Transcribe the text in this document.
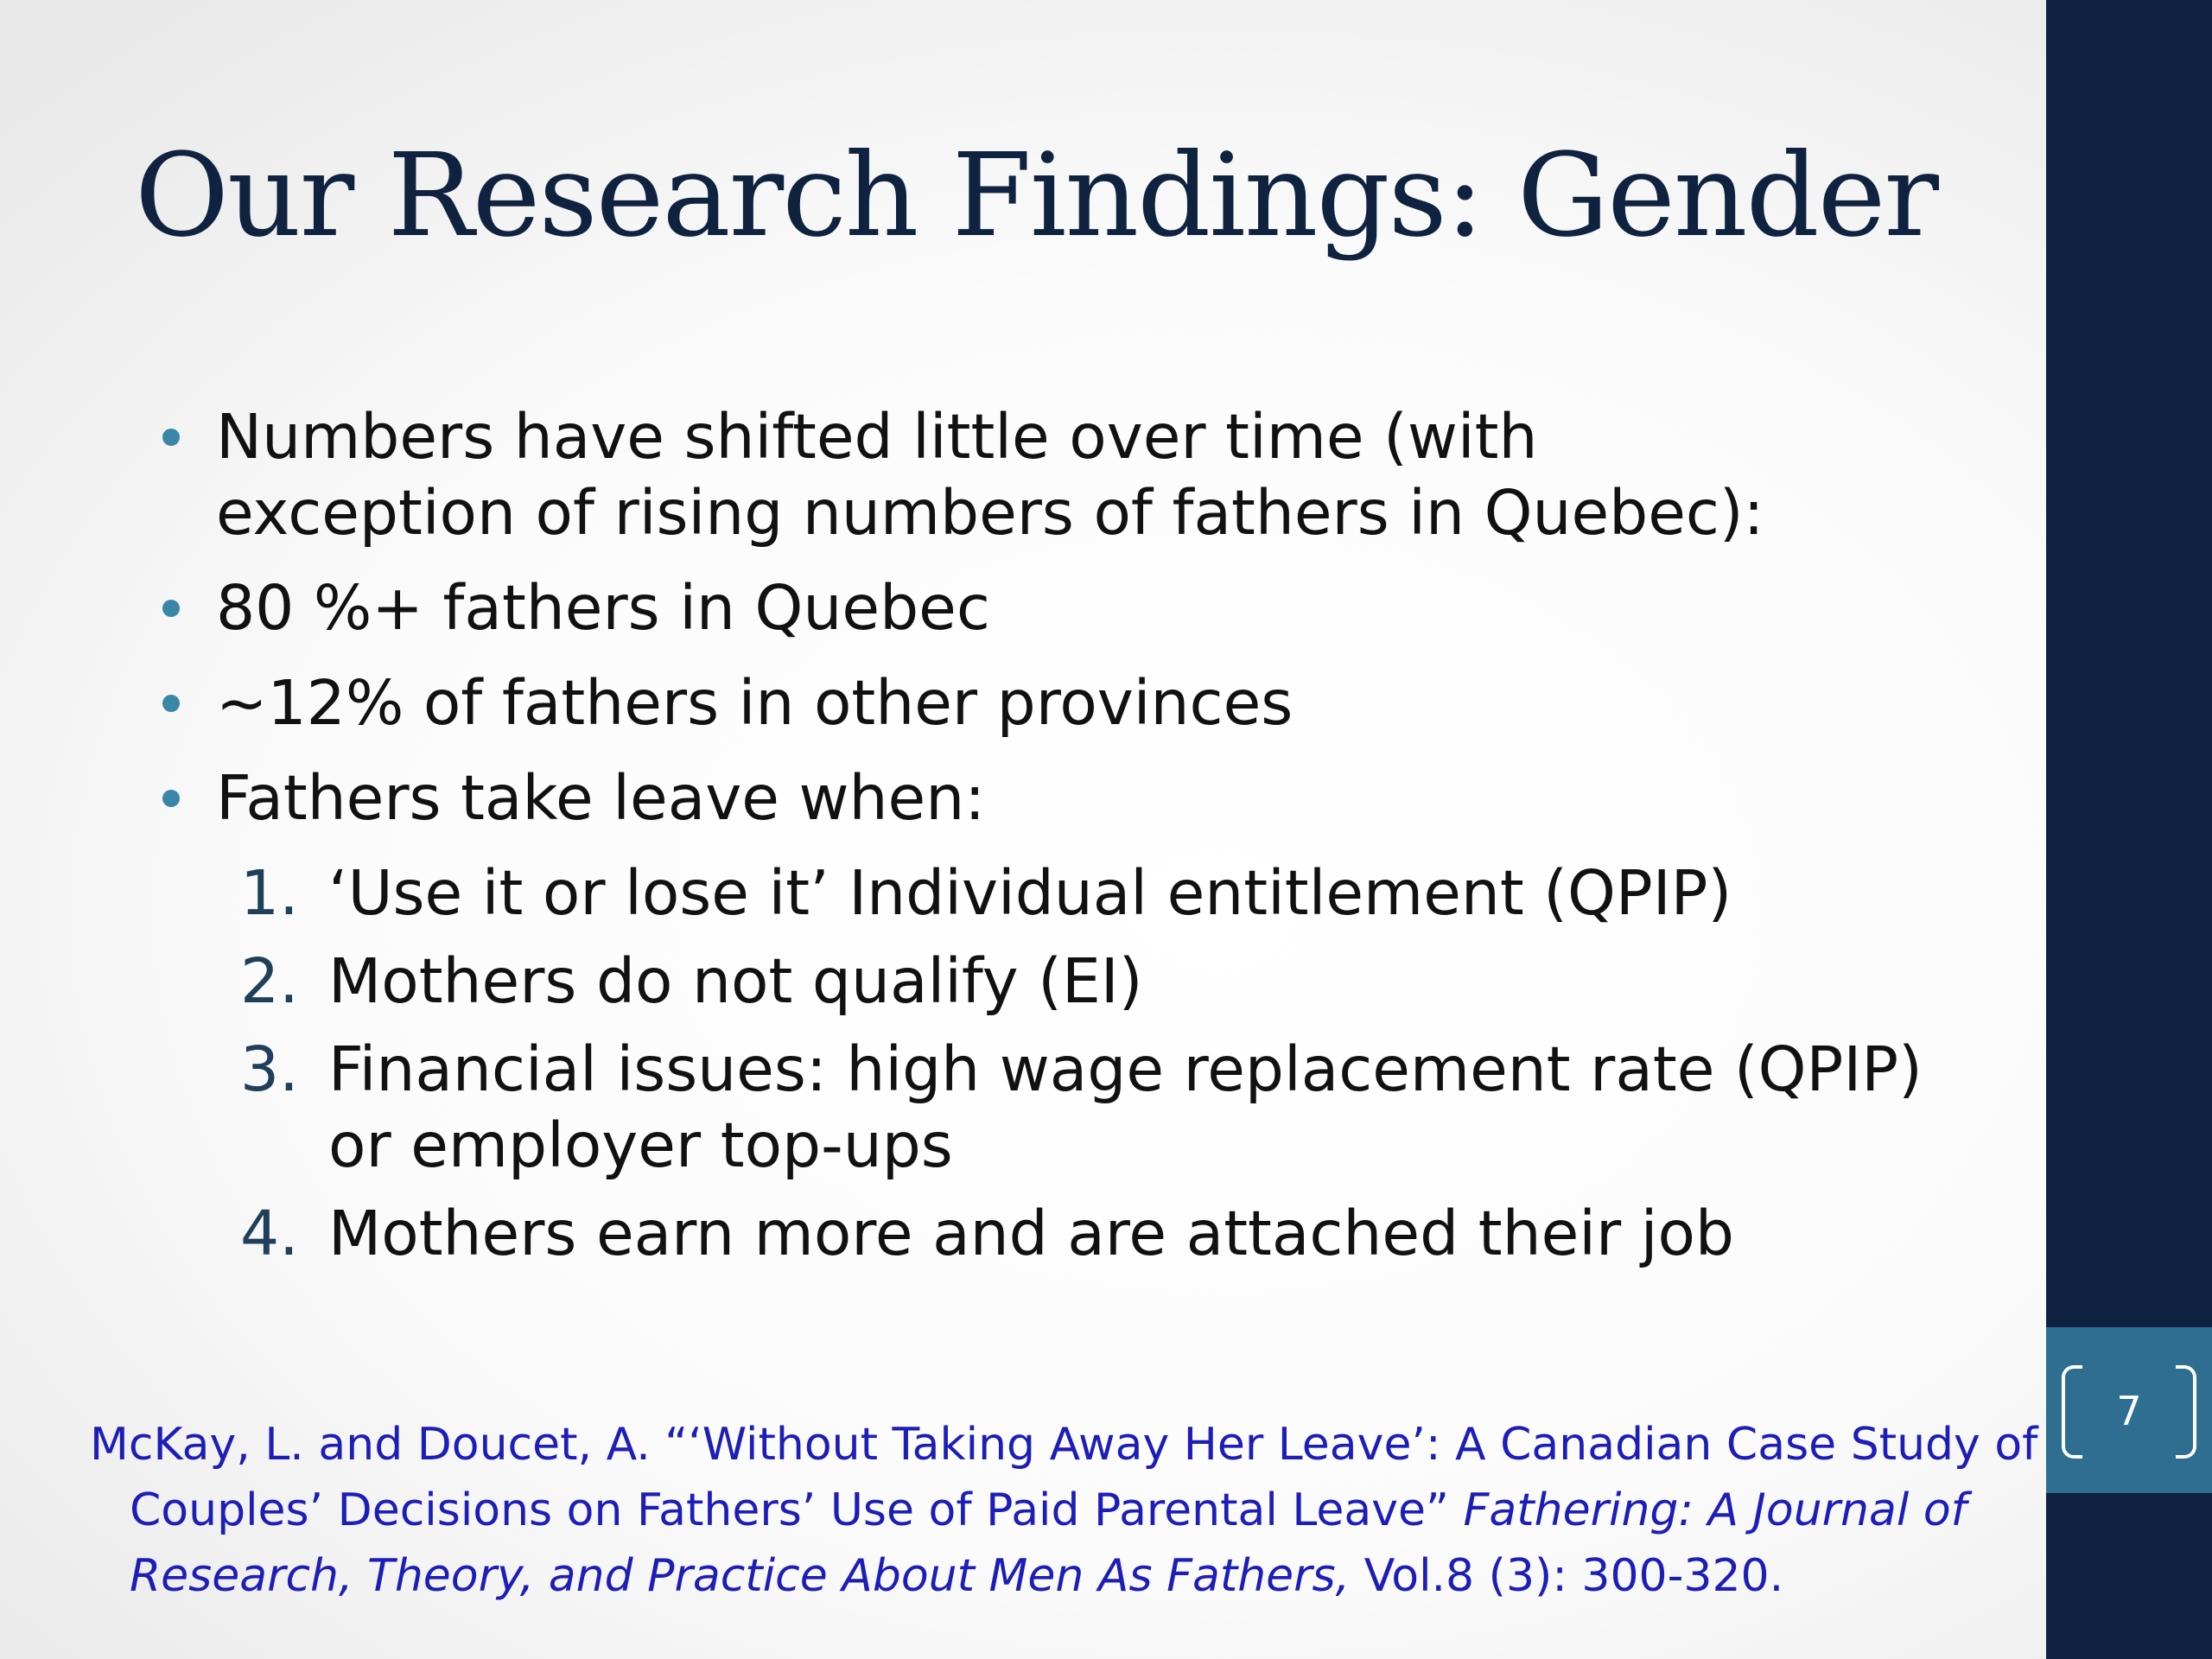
7
Our Research Findings: Gender
Numbers have shifted little over time (with
exception of rising numbers of fathers in Quebec):
80 %+ fathers in Quebec
~12% of fathers in other provinces
Fathers take leave when:
1. ‘Use it or lose it’ Individual entitlement (QPIP)
2. Mothers do not qualify (EI)
3. Financial issues: high wage replacement rate (QPIP)
or employer top-ups
4. Mothers earn more and are attached their job
McKay, L. and Doucet, A. “‘Without Taking Away Her Leave’: A Canadian Case Study of
Couples’ Decisions on Fathers’ Use of Paid Parental Leave” Fathering: A Journal of
Research, Theory, and Practice About Men As Fathers, Vol.8 (3): 300-320.
